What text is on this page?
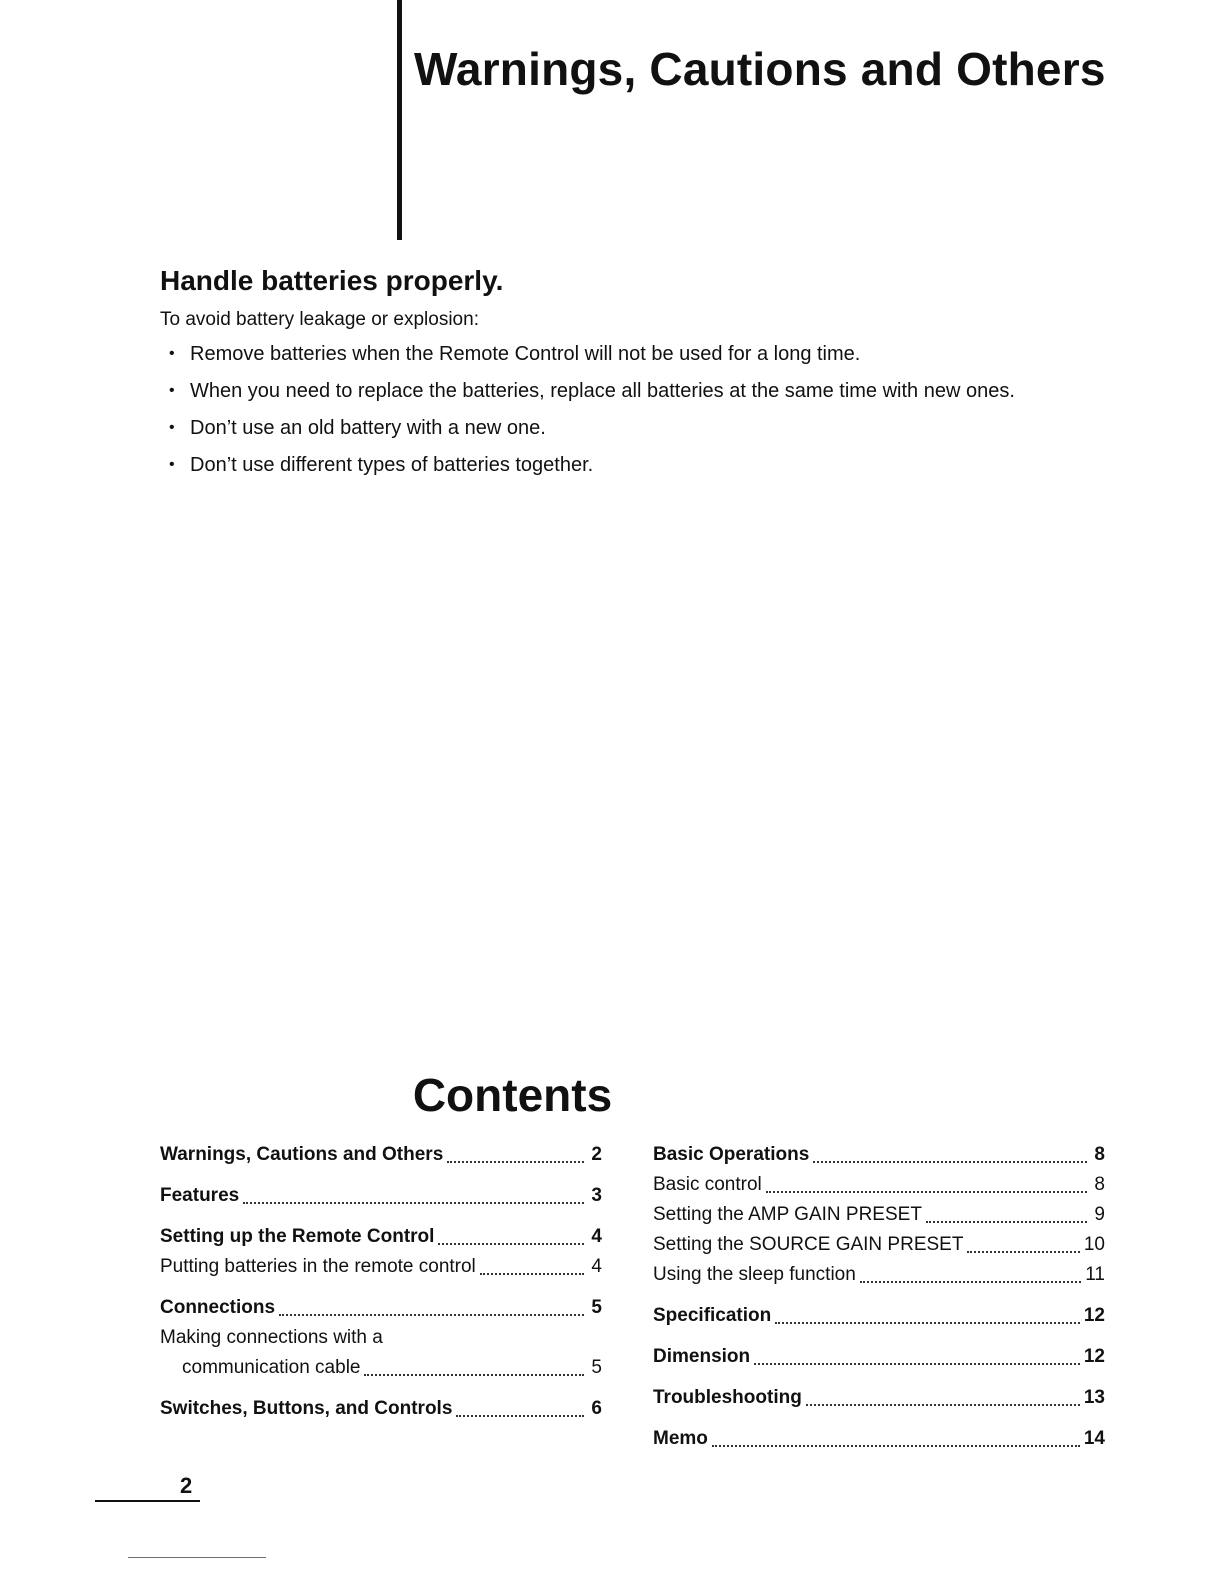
Warnings, Cautions and Others
Handle batteries properly.

To avoid battery leakage or explosion:

• Remove batteries when the Remote Control will not be used for a long time.
• When you need to replace the batteries, replace all batteries at the same time with new ones.
• Don’t use an old battery with a new one.
• Don’t use different types of batteries together.
Contents
Warnings, Cautions and Others	2
Features	3
Setting up the Remote Control	4
Putting batteries in the remote control	4
Connections	5
Making connections with a
communication cable	5
Switches, Buttons, and Controls	6
Basic Operations	8
Basic control	8
Setting the AMP GAIN PRESET	9
Setting the SOURCE GAIN PRESET	10
Using the sleep function	11
Specification	12
Dimension	12
Troubleshooting	13
Memo	14
2
